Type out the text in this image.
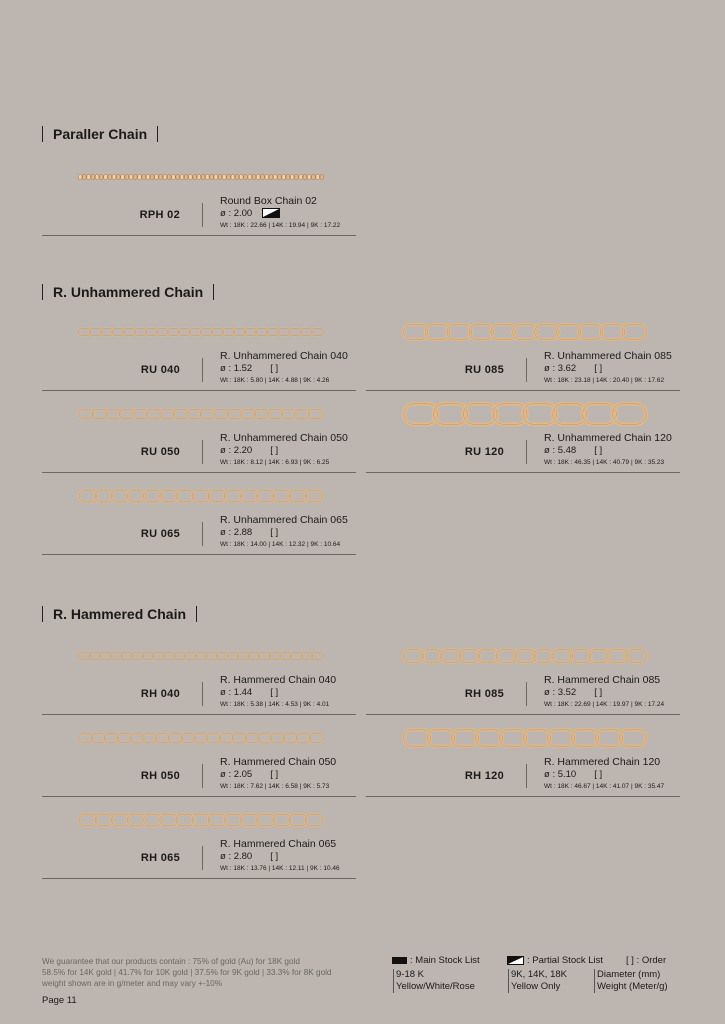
Paraller Chain
R. Unhammered Chain
R. Hammered Chain
RPH 02
Round Box Chain 02
ø : 2.00
Wt : 18K : 22.66 | 14K : 19.94 | 9K : 17.22
RU 040
R. Unhammered Chain 040
ø : 1.52 [ ]
Wt : 18K : 5.80 | 14K : 4.88 | 9K : 4.26
RU 050
R. Unhammered Chain 050
ø : 2.20 [ ]
Wt : 18K : 8.12 | 14K : 6.93 | 9K : 6.25
RU 065
R. Unhammered Chain 065
ø : 2.88 [ ]
Wt : 18K : 14.00 | 14K : 12.32 | 9K : 10.64
RU 085
R. Unhammered Chain 085
ø : 3.62 [ ]
Wt : 18K : 23.18 | 14K : 20.40 | 9K : 17.62
RU 120
R. Unhammered Chain 120
ø : 5.48 [ ]
Wt : 18K : 46.35 | 14K : 40.79 | 9K : 35.23
RH 040
R. Hammered Chain 040
ø : 1.44 [ ]
Wt : 18K : 5.38 | 14K : 4.53 | 9K : 4.01
RH 050
R. Hammered Chain 050
ø : 2.05 [ ]
Wt : 18K : 7.62 | 14K : 6.58 | 9K : 5.73
RH 065
R. Hammered Chain 065
ø : 2.80 [ ]
Wt : 18K : 13.76 | 14K : 12.11 | 9K : 10.46
RH 085
R. Hammered Chain 085
ø : 3.52 [ ]
Wt : 18K : 22.69 | 14K : 19.97 | 9K : 17.24
RH 120
R. Hammered Chain 120
ø : 5.10 [ ]
Wt : 18K : 46.67 | 14K : 41.07 | 9K : 35.47
We guarantee that our products contain : 75% of gold (Au) for 18K gold
58.5% for 14K gold | 41.7% for 10K gold | 37.5% for 9K gold | 33.3% for 8K gold
weight shown are in g/meter and may vary +-10%
Page 11
: Main Stock List	: Partial Stock List [ ] : Order
9-18 K
Yellow/White/Rose
9K, 14K, 18K
Yellow Only
Diameter (mm)
Weight (Meter/g)
